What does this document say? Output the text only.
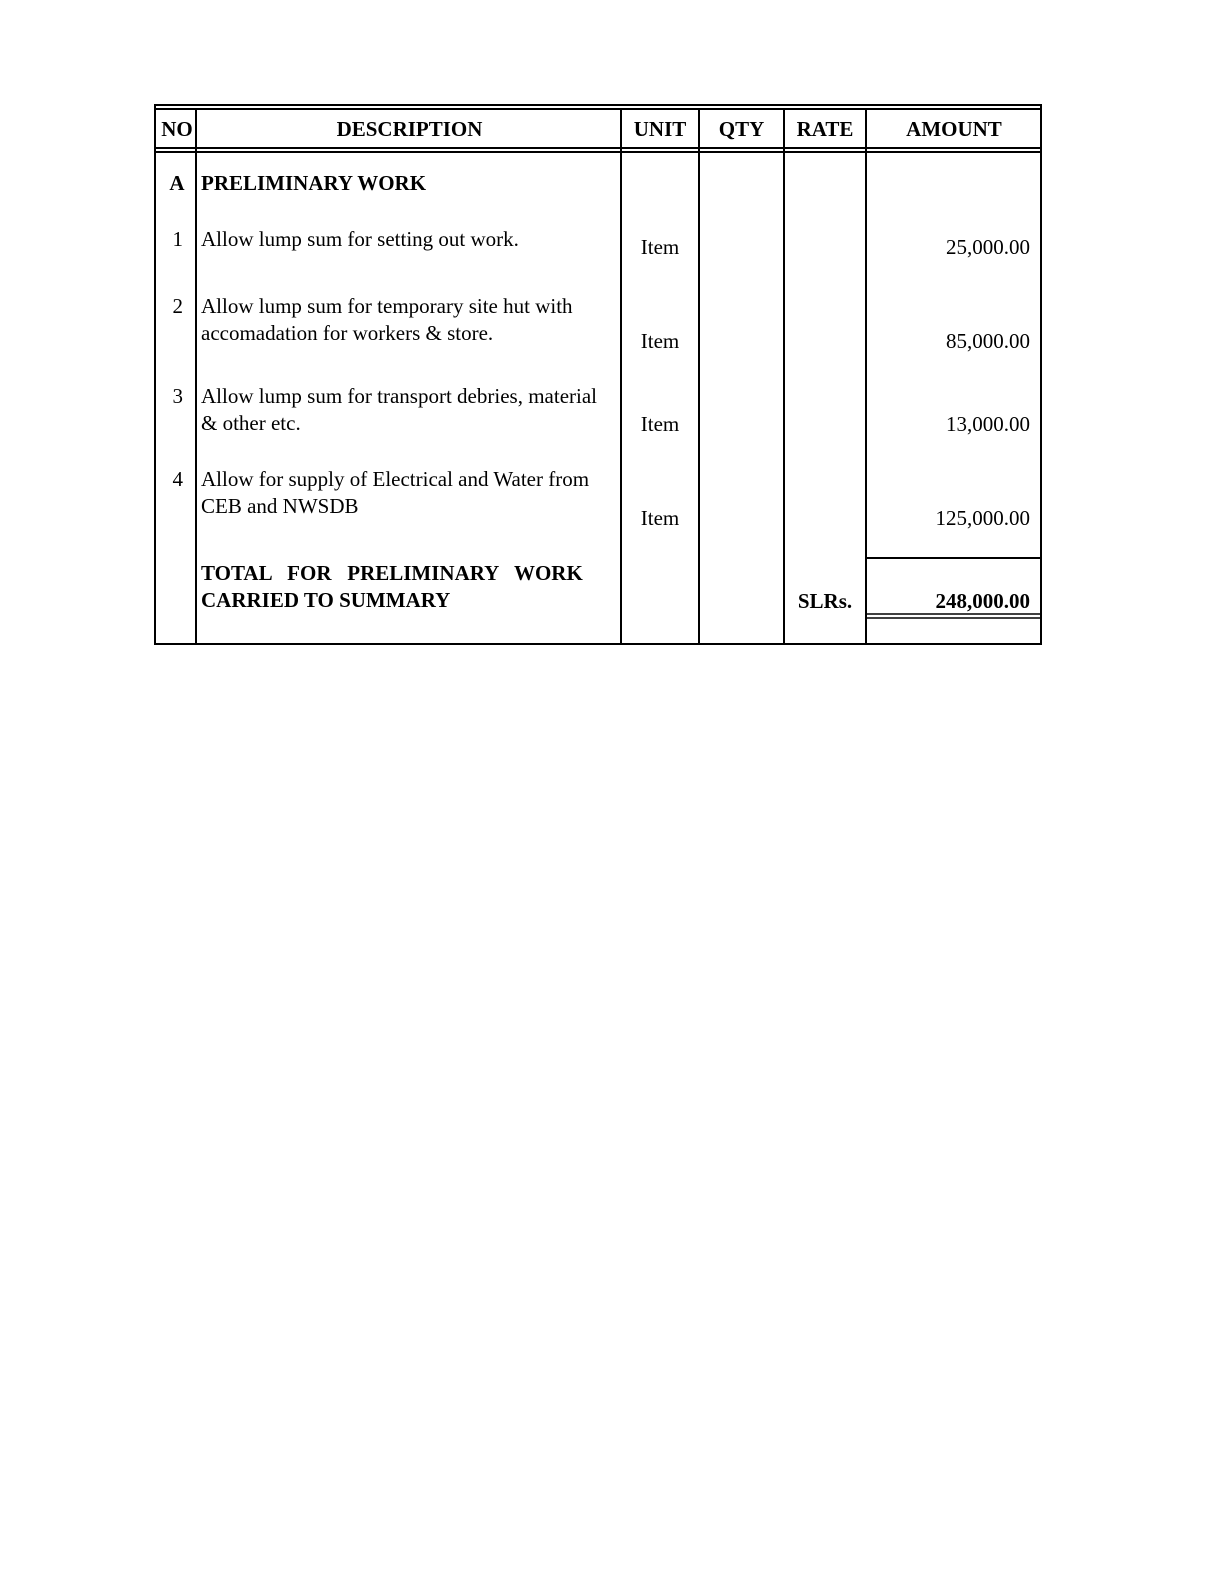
NO	DESCRIPTION	UNIT	QTY	RATE	AMOUNT
A PRELIMINARY WORK
1 Allow lump sum for setting out work.	Item	25,000.00
2 Allow lump sum for temporary site hut with
accomadation for workers & store.	Item	85,000.00
3 Allow lump sum for transport debries, material
& other etc.	Item	13,000.00
4 Allow for supply of Electrical and Water from
CEB and NWSDB	Item	125,000.00
TOTAL   FOR   PRELIMINARY   WORK
CARRIED TO SUMMARY	SLRs.	248,000.00
